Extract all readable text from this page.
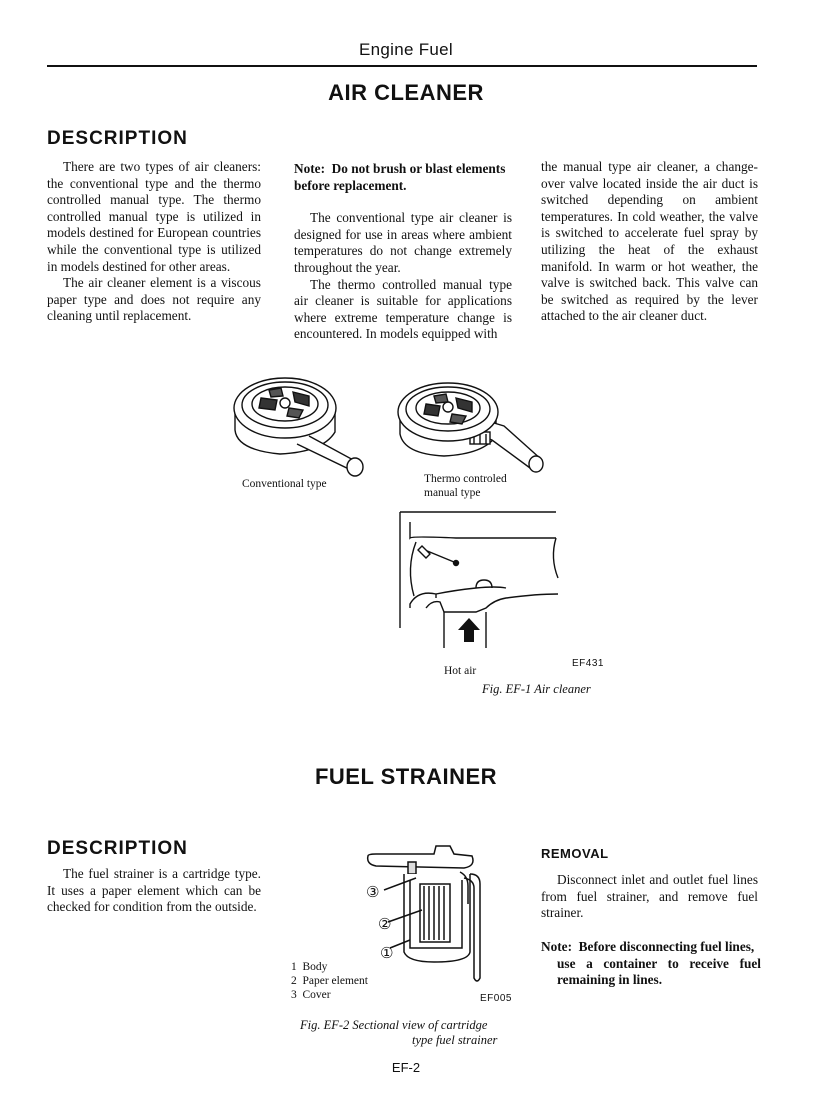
Engine Fuel
AIR CLEANER
DESCRIPTION

There are two types of air cleaners: the conventional type and the thermo controlled manual type. The thermo controlled manual type is utilized in models destined for European countries while the conventional type is utilized in models destined for other areas.

The air cleaner element is a viscous paper type and does not require any cleaning until replacement.

Note: Do not brush or blast elements before replacement.

The conventional type air cleaner is designed for use in areas where ambient temperatures do not change extremely throughout the year.

The thermo controlled manual type air cleaner is suitable for applications where extreme temperature change is encountered. In models equipped with

the manual type air cleaner, a change-over valve located inside the air duct is switched depending on ambient temperatures. In cold weather, the valve is switched to accelerate fuel spray by utilizing the heat of the exhaust manifold. In warm or hot weather, the valve is switched back. This valve can be switched as required by the lever attached to the air cleaner duct.

Conventional type	Thermo controled
manual type
Hot air
EF431
Fig. EF-1 Air cleaner
FUEL STRAINER
DESCRIPTION

The fuel strainer is a cartridge type. It uses a paper element which can be checked for condition from the outside.

③
②
①
1  Body
2  Paper element
3  Cover	EF005
Fig. EF-2 Sectional view of cartridge
type fuel strainer
REMOVAL

Disconnect inlet and outlet fuel lines from fuel strainer, and remove fuel strainer.

Note: Before disconnecting fuel lines,
use a container to receive fuel
remaining in lines.
EF-2
